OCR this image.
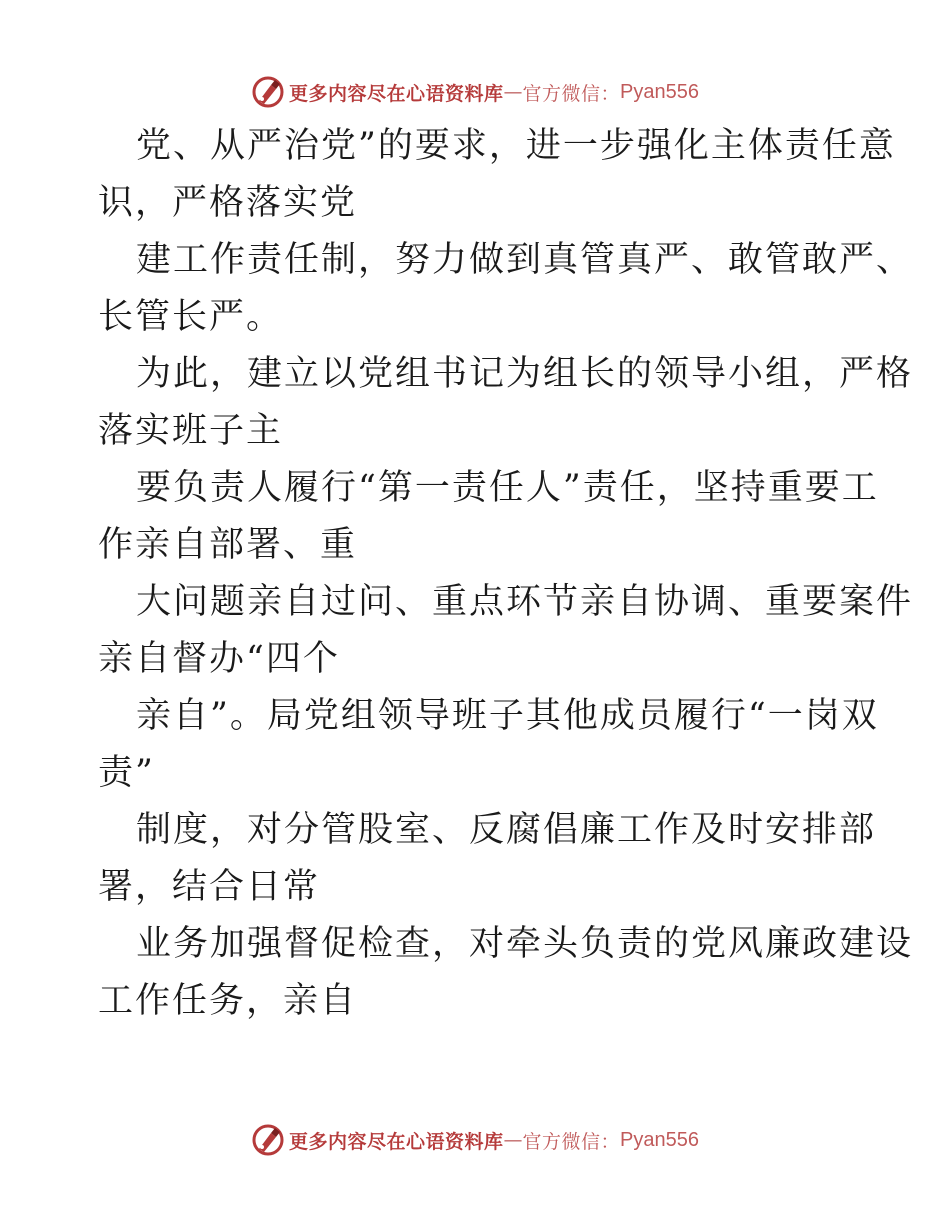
更多内容尽在心语资料库 — 官方微信： Pyan556

党、从严治党”的要求，进一步强化主体责任意
识，严格落实党

建工作责任制，努力做到真管真严、敢管敢严、
长管长严。

为此，建立以党组书记为组长的领导小组，严格
落实班子主

要负责人履行“第一责任人”责任，坚持重要工
作亲自部署、重

大问题亲自过问、重点环节亲自协调、重要案件
亲自督办“四个

亲自”。局党组领导班子其他成员履行“一岗双
责”

制度，对分管股室、反腐倡廉工作及时安排部
署，结合日常

业务加强督促检查，对牵头负责的党风廉政建设
工作任务，亲自

更多内容尽在心语资料库 — 官方微信： Pyan556
